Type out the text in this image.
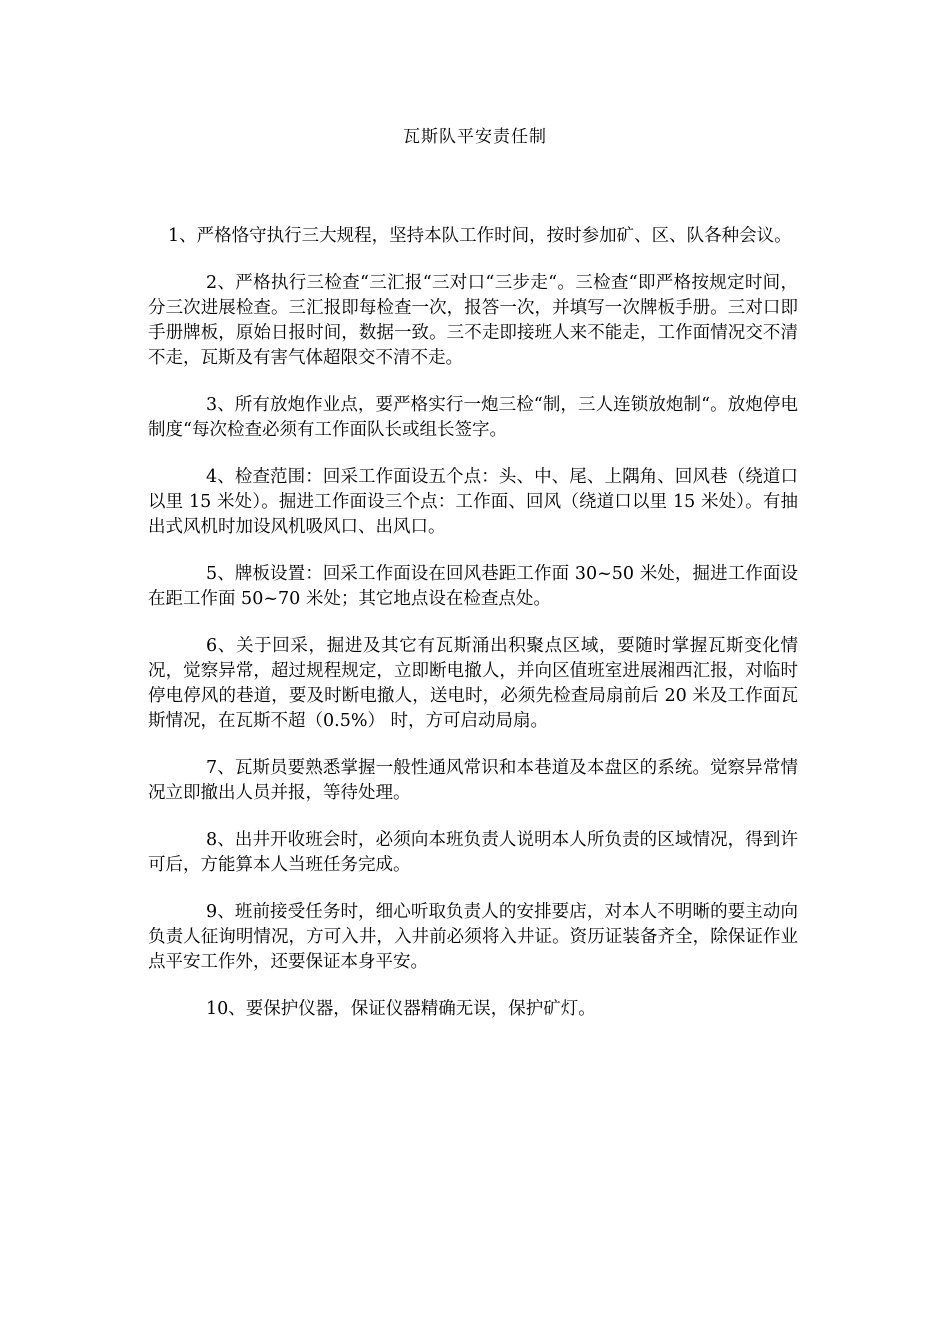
瓦斯队平安责任制

1、严格恪守执行三大规程，坚持本队工作时间，按时参加矿、区、队各种会议。

2、严格执行三检查“三汇报“三对口“三步走“。三检查“即严格按规定时间，分三次进展检查。三汇报即每检查一次，报答一次，并填写一次牌板手册。三对口即手册牌板，原始日报时间，数据一致。三不走即接班人来不能走，工作面情况交不清不走，瓦斯及有害气体超限交不清不走。

3、所有放炮作业点，要严格实行一炮三检“制，三人连锁放炮制“。放炮停电制度“每次检查必须有工作面队长或组长签字。

4、检查范围：回采工作面设五个点：头、中、尾、上隅角、回风巷（绕道口以里 15 米处）。掘进工作面设三个点：工作面、回风（绕道口以里 15 米处）。有抽出式风机时加设风机吸风口、出风口。

5、牌板设置：回采工作面设在回风巷距工作面 30~50 米处，掘进工作面设在距工作面 50~70 米处；其它地点设在检查点处。

6、关于回采，掘进及其它有瓦斯涌出积聚点区域，要随时掌握瓦斯变化情况，觉察异常，超过规程规定，立即断电撤人，并向区值班室进展湘西汇报，对临时停电停风的巷道，要及时断电撤人，送电时，必须先检查局扇前后 20 米及工作面瓦斯情况，在瓦斯不超（0.5%） 时，方可启动局扇。

7、瓦斯员要熟悉掌握一般性通风常识和本巷道及本盘区的系统。觉察异常情况立即撤出人员并报，等待处理。

8、出井开收班会时，必须向本班负责人说明本人所负责的区域情况，得到许可后，方能算本人当班任务完成。

9、班前接受任务时，细心听取负责人的安排要店，对本人不明晰的要主动向负责人征询明情况，方可入井，入井前必须将入井证。资历证装备齐全，除保证作业点平安工作外，还要保证本身平安。

10、要保护仪器，保证仪器精确无误，保护矿灯。
